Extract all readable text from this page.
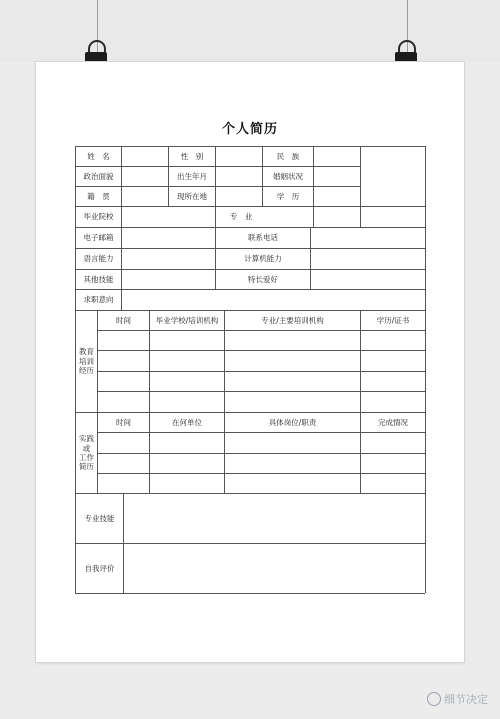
个人简历
姓　名	性　别	民　族
政治面貌	出生年月	婚姻状况
籍　贯	现所在地	学　历
毕业院校	专　业
电子邮箱	联系电话
语言能力	计算机能力
其他技能	特长爱好
求职意向
教育
培训
经历
时间	毕业学校/培训机构	专业/主要培训机构	学历/证书
实践
或
工作
简历
时间	在何单位	具体岗位/职责	完成情况
专业技能
自我评价
细节决定
